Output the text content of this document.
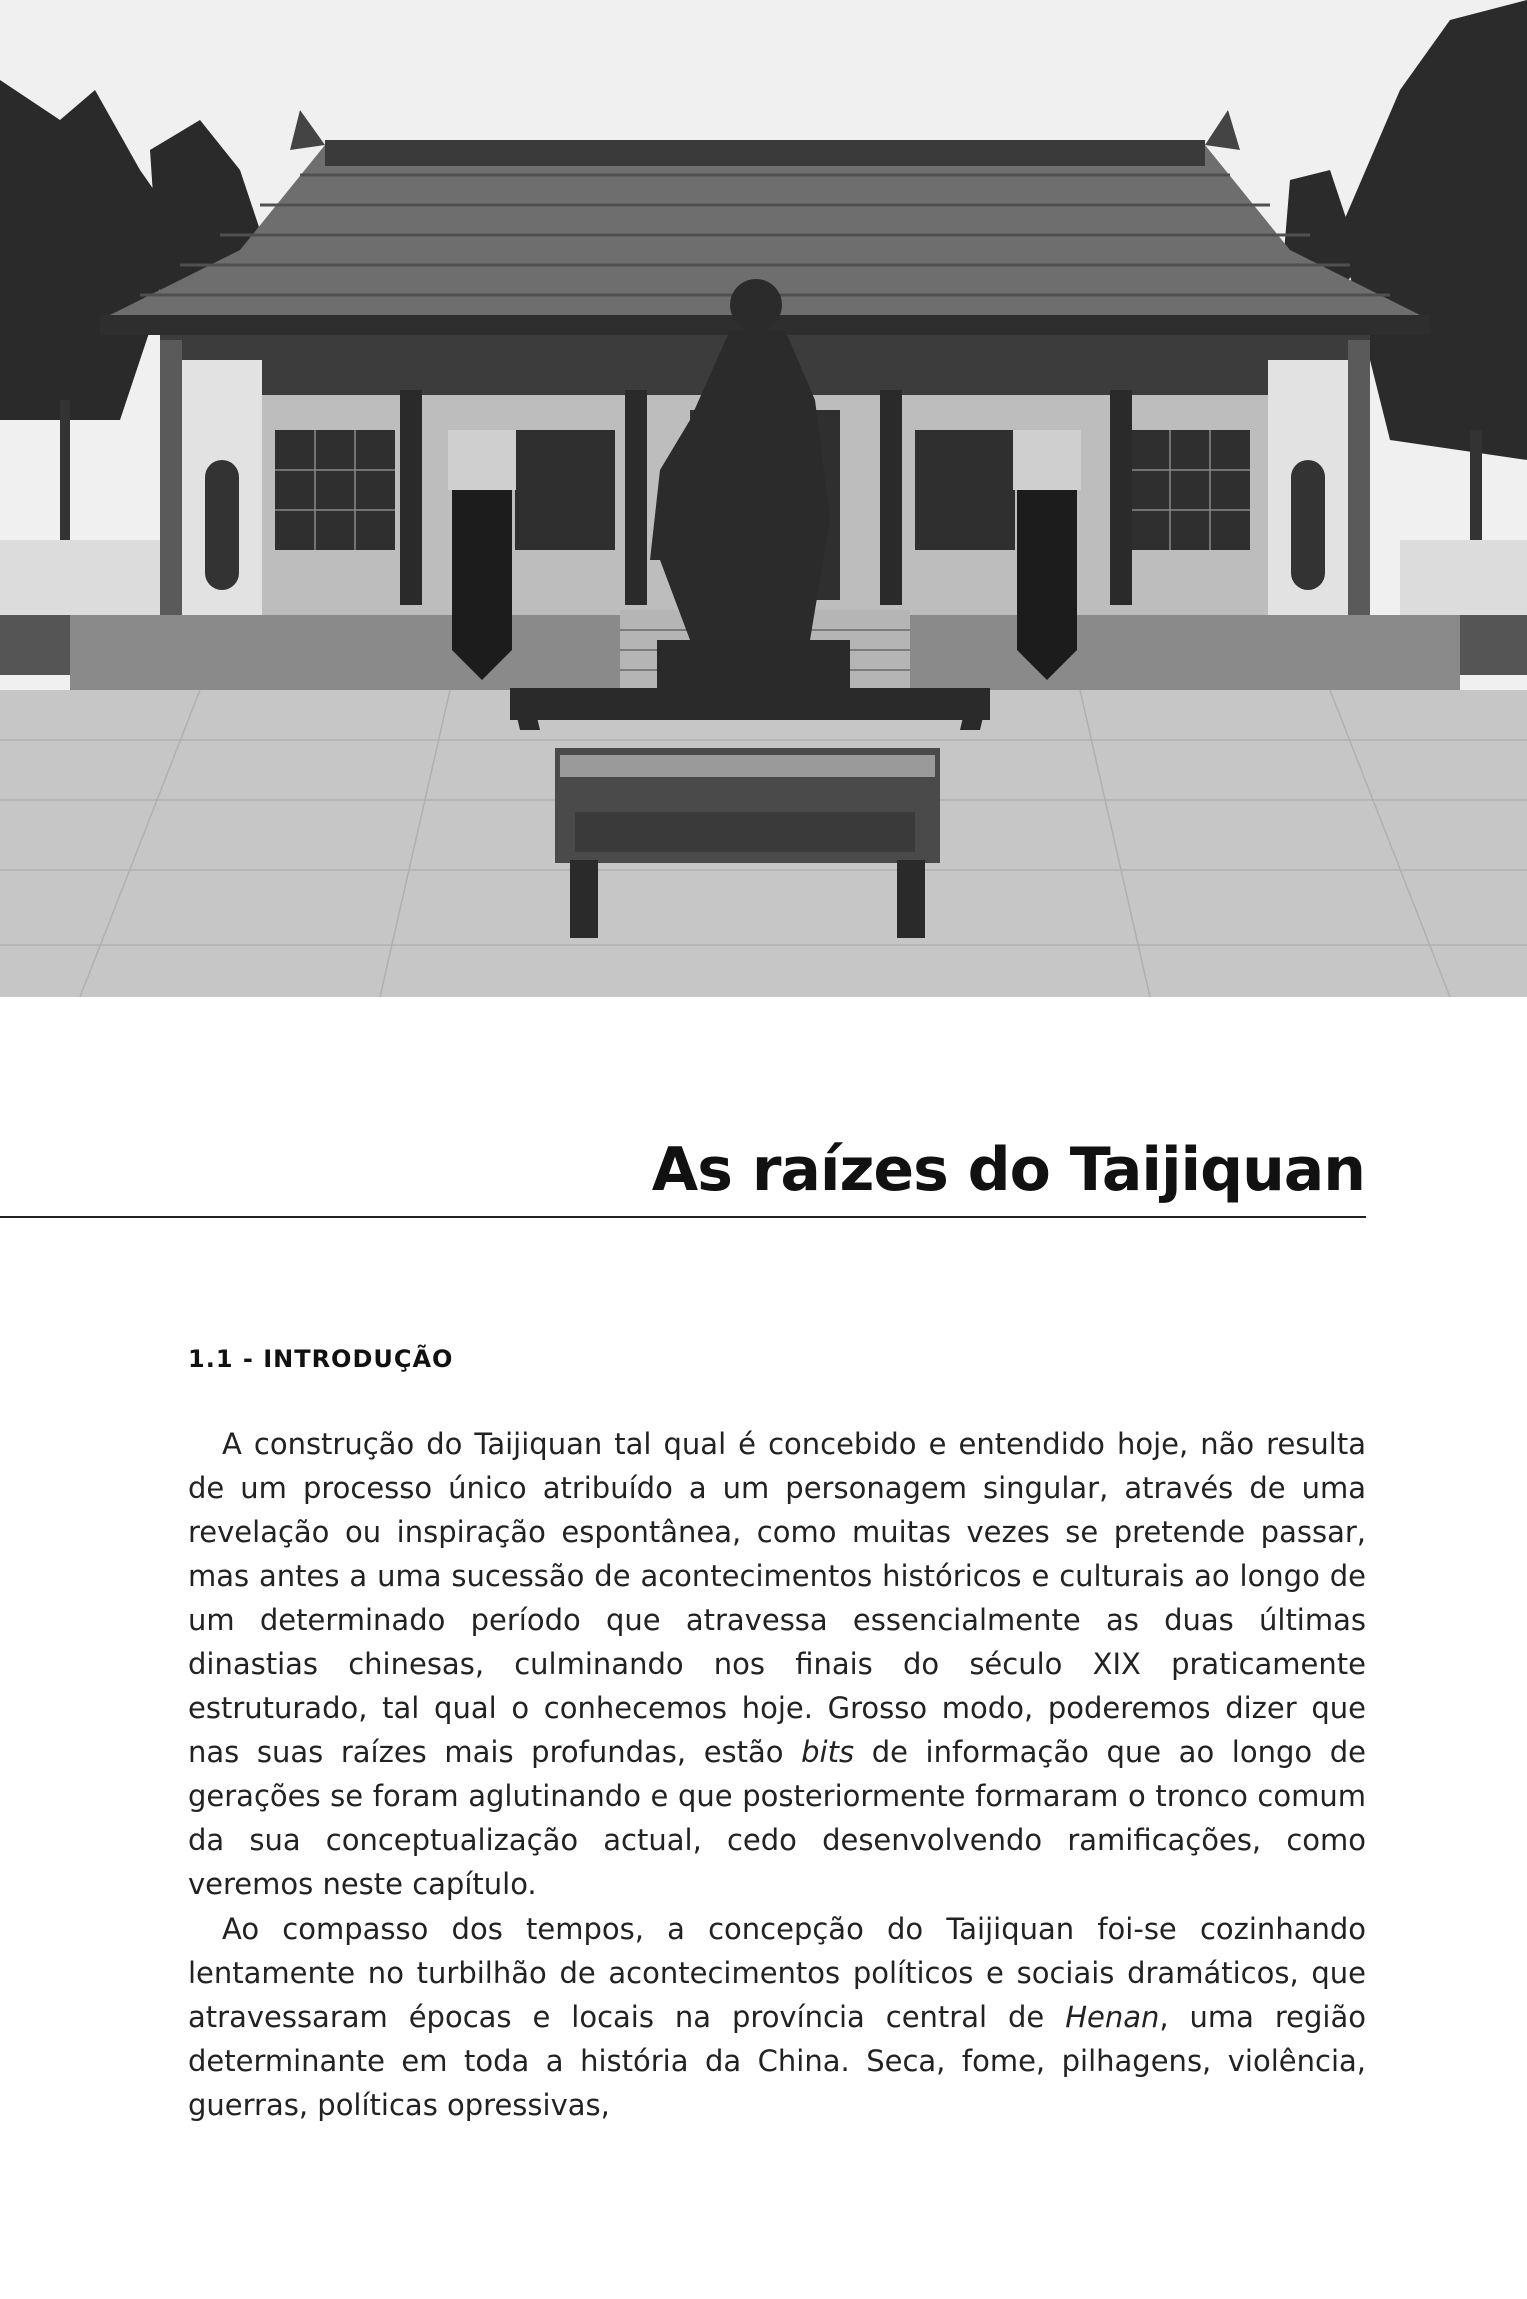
As raízes do Taijiquan
1.1 - INTRODUÇÃO

A construção do Taijiquan tal qual é concebido e entendido hoje, não resulta de um processo único atribuído a um personagem singular, através de uma revelação ou inspiração espontânea, como muitas vezes se pretende passar, mas antes a uma sucessão de acontecimentos históricos e culturais ao longo de um determinado período que atravessa essencialmente as duas últimas dinastias chinesas, culminando nos finais do século XIX praticamente estruturado, tal qual o conhecemos hoje. Grosso modo, poderemos dizer que nas suas raízes mais profundas, estão bits de informação que ao longo de gerações se foram aglutinando e que posteriormente formaram o tronco comum da sua conceptualização actual, cedo desenvolvendo ramificações, como veremos neste capítulo.

Ao compasso dos tempos, a concepção do Taijiquan foi-se cozinhando lentamente no turbilhão de acontecimentos políticos e sociais dramáticos, que atravessaram épocas e locais na província central de Henan, uma região determinante em toda a história da China. Seca, fome, pilhagens, violência, guerras, políticas opressivas,
